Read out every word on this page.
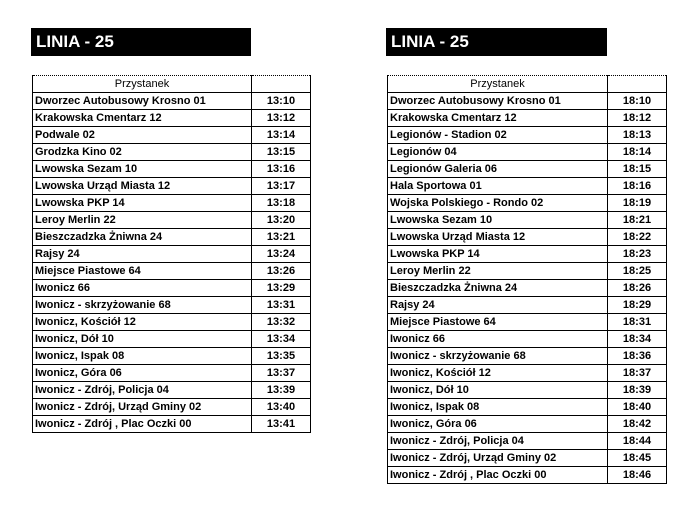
LINIA - 25
Przystanek	
Dworzec Autobusowy Krosno 01	13:10
Krakowska Cmentarz 12	13:12
Podwale 02	13:14
Grodzka Kino 02	13:15
Lwowska Sezam 10	13:16
Lwowska Urząd Miasta 12	13:17
Lwowska PKP 14	13:18
Leroy Merlin 22	13:20
Bieszczadzka Żniwna 24	13:21
Rajsy 24	13:24
Miejsce Piastowe 64	13:26
Iwonicz 66	13:29
Iwonicz - skrzyżowanie 68	13:31
Iwonicz, Kościół 12	13:32
Iwonicz, Dół 10	13:34
Iwonicz, Ispak 08	13:35
Iwonicz, Góra 06	13:37
Iwonicz - Zdrój, Policja 04	13:39
Iwonicz - Zdrój, Urząd Gminy 02	13:40
Iwonicz - Zdrój , Plac Oczki 00	13:41
LINIA - 25
Przystanek	
Dworzec Autobusowy Krosno 01	18:10
Krakowska Cmentarz 12	18:12
Legionów - Stadion 02	18:13
Legionów 04	18:14
Legionów Galeria 06	18:15
Hala Sportowa 01	18:16
Wojska Polskiego - Rondo 02	18:19
Lwowska Sezam 10	18:21
Lwowska Urząd Miasta 12	18:22
Lwowska PKP 14	18:23
Leroy Merlin 22	18:25
Bieszczadzka Żniwna 24	18:26
Rajsy 24	18:29
Miejsce Piastowe 64	18:31
Iwonicz 66	18:34
Iwonicz - skrzyżowanie 68	18:36
Iwonicz, Kościół 12	18:37
Iwonicz, Dół 10	18:39
Iwonicz, Ispak 08	18:40
Iwonicz, Góra 06	18:42
Iwonicz - Zdrój, Policja 04	18:44
Iwonicz - Zdrój, Urząd Gminy 02	18:45
Iwonicz - Zdrój , Plac Oczki 00	18:46
